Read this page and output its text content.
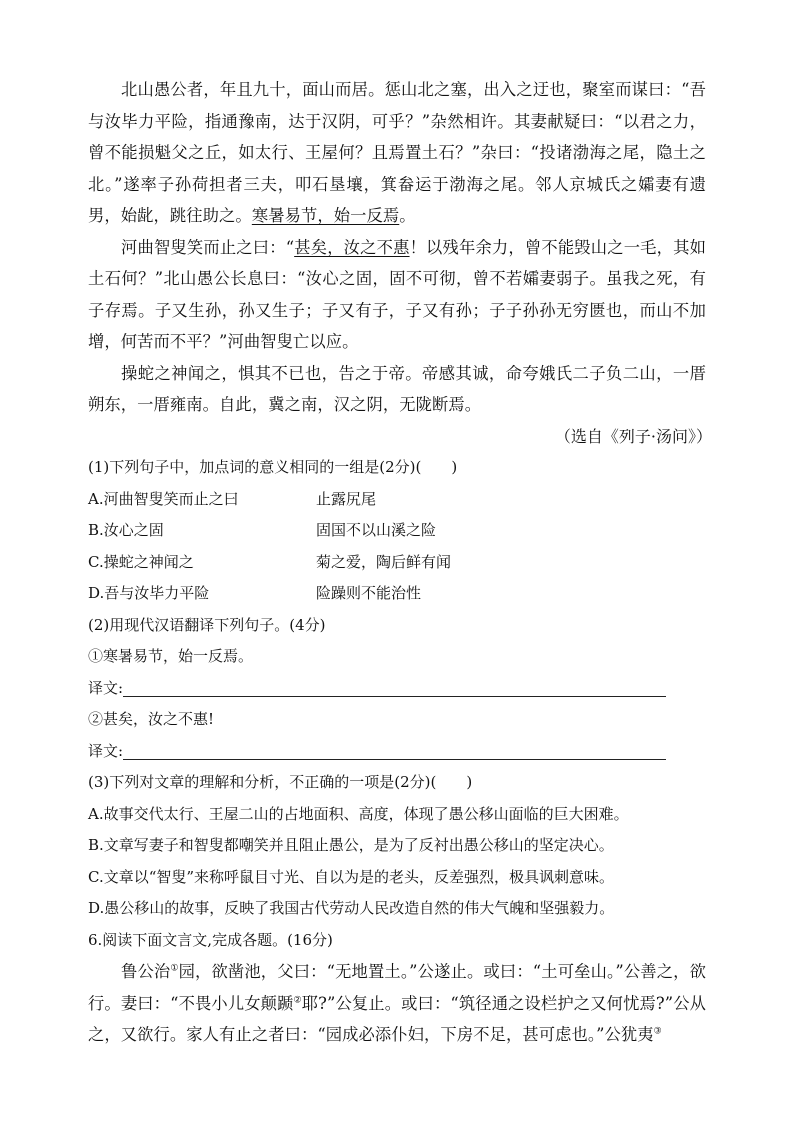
北山愚公者，年且九十，面山而居。惩山北之塞，出入之迂也，聚室而谋曰：“吾与汝毕力平险，指通豫南，达于汉阴，可乎？”杂然相许。其妻献疑曰：“以君之力，曾不能损魁父之丘，如太行、王屋何？且焉置土石？”杂曰：“投诸渤海之尾，隐土之北。”遂率子孙荷担者三夫，叩石垦壤，箕畚运于渤海之尾。邻人京城氏之孀妻有遗男，始龀，跳往助之。寒暑易节，始一反焉。

河曲智叟笑而止之曰：“甚矣，汝之不惠！以残年余力，曾不能毁山之一毛，其如土石何？”北山愚公长息曰：“汝心之固，固不可彻，曾不若孀妻弱子。虽我之死，有子存焉。子又生孙，孙又生子；子又有子，子又有孙；子子孙孙无穷匮也，而山不加增，何苦而不平？”河曲智叟亡以应。

操蛇之神闻之，惧其不已也，告之于帝。帝感其诚，命夸娥氏二子负二山，一厝朔东，一厝雍南。自此，冀之南，汉之阴，无陇断焉。

（选自《列子·汤问》）

(1)下列句子中，加点词的意义相同的一组是(2分)(　　)

A.河曲智叟笑而止之曰	止露尻尾
B.汝心之固	固国不以山溪之险
C.操蛇之神闻之	菊之爱，陶后鲜有闻
D.吾与汝毕力平险	险躁则不能治性

(2)用现代汉语翻译下列句子。(4分)

①寒暑易节，始一反焉。

译文:

②甚矣，汝之不惠!

译文:

(3)下列对文章的理解和分析，不正确的一项是(2分)(　　)

A.故事交代太行、王屋二山的占地面积、高度，体现了愚公移山面临的巨大困难。

B.文章写妻子和智叟都嘲笑并且阻止愚公，是为了反衬出愚公移山的坚定决心。

C.文章以“智叟”来称呼鼠目寸光、自以为是的老头，反差强烈，极具讽刺意味。

D.愚公移山的故事，反映了我国古代劳动人民改造自然的伟大气魄和坚强毅力。

6.阅读下面文言文,完成各题。(16分)

鲁公治①园，欲凿池，父曰：“无地置土。”公遂止。或曰：“土可垒山。”公善之，欲行。妻曰：“不畏小儿女颠踬②耶?”公复止。或曰：“筑径通之设栏护之又何忧焉?”公从之，又欲行。家人有止之者曰：“园成必添仆妇，下房不足，甚可虑也。”公犹夷③
